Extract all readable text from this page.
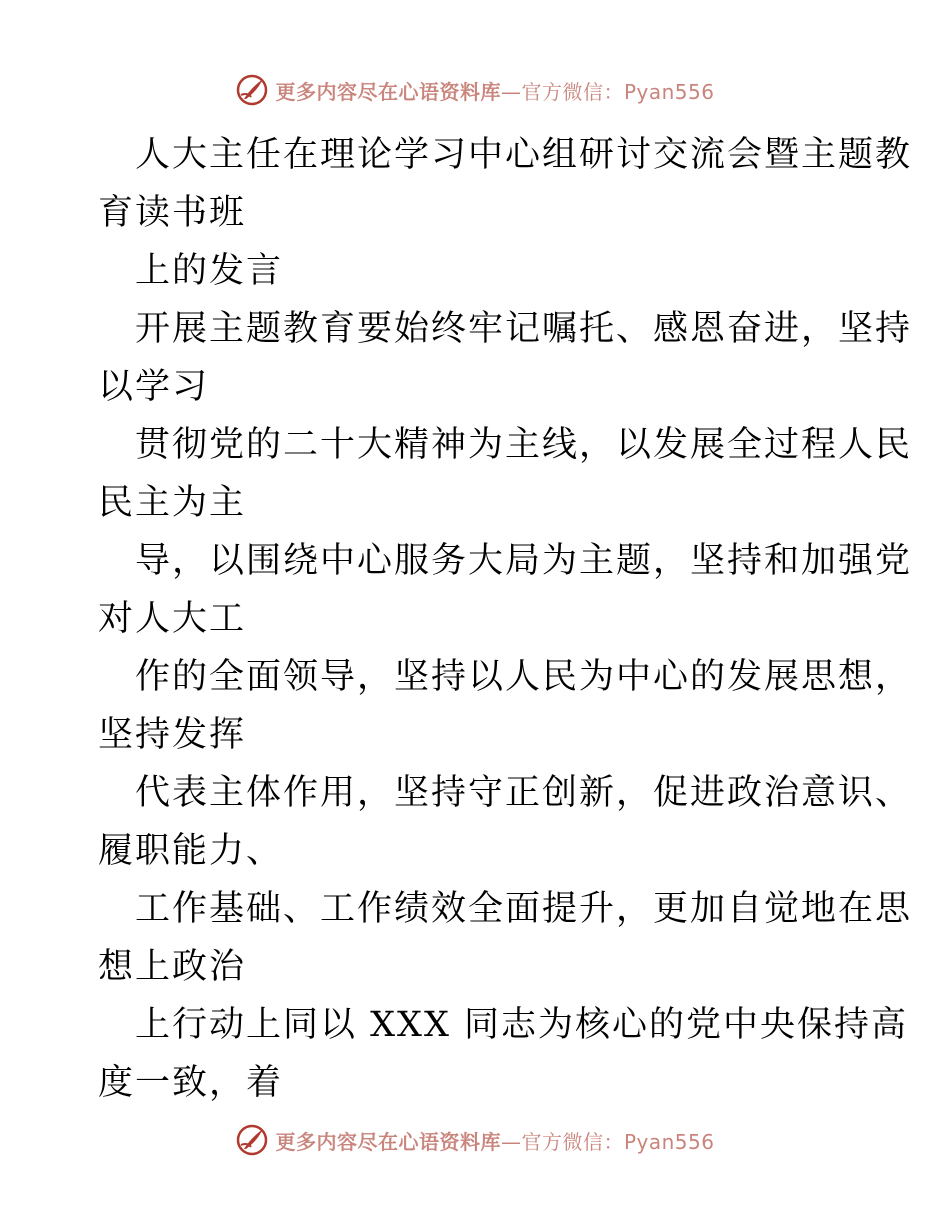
更多内容尽在心语资料库—官方微信：Pyan556
人大主任在理论学习中心组研讨交流会暨主题教
育读书班
上的发言
开展主题教育要始终牢记嘱托、感恩奋进，坚持
以学习
贯彻党的二十大精神为主线，以发展全过程人民
民主为主
导，以围绕中心服务大局为主题，坚持和加强党
对人大工
作的全面领导，坚持以人民为中心的发展思想，
坚持发挥
代表主体作用，坚持守正创新，促进政治意识、
履职能力、
工作基础、工作绩效全面提升，更加自觉地在思
想上政治
上行动上同以 XXX 同志为核心的党中央保持高
度一致，着
更多内容尽在心语资料库—官方微信：Pyan556
